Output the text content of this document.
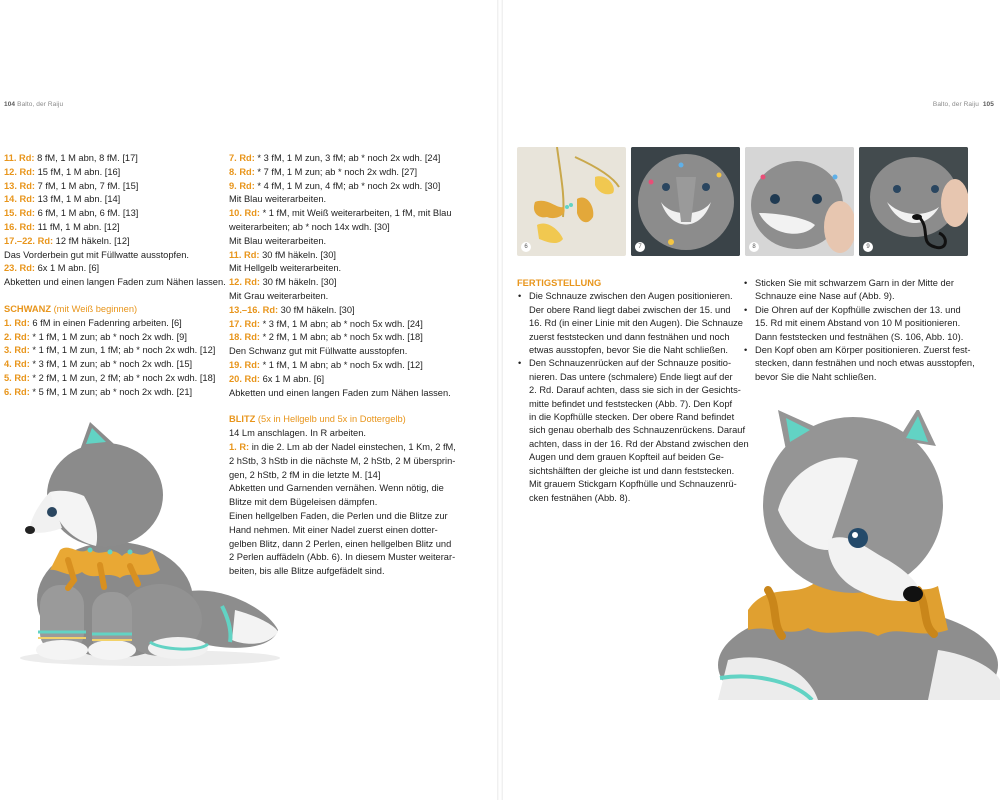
104 Balto, der Raiju
11. Rd: 8 fM, 1 M abn, 8 fM. [17]
12. Rd: 15 fM, 1 M abn. [16]
13. Rd: 7 fM, 1 M abn, 7 fM. [15]
14. Rd: 13 fM, 1 M abn. [14]
15. Rd: 6 fM, 1 M abn, 6 fM. [13]
16. Rd: 11 fM, 1 M abn. [12]
17.–22. Rd: 12 fM häkeln. [12]
Das Vorderbein gut mit Füllwatte ausstopfen.
23. Rd: 6x 1 M abn. [6]
Abketten und einen langen Faden zum Nähen lassen.
SCHWANZ (mit Weiß beginnen)
1. Rd: 6 fM in einen Fadenring arbeiten. [6]
2. Rd: * 1 fM, 1 M zun; ab * noch 2x wdh. [9]
3. Rd: * 1 fM, 1 M zun, 1 fM; ab * noch 2x wdh. [12]
4. Rd: * 3 fM, 1 M zun; ab * noch 2x wdh. [15]
5. Rd: * 2 fM, 1 M zun, 2 fM; ab * noch 2x wdh. [18]
6. Rd: * 5 fM, 1 M zun; ab * noch 2x wdh. [21]
7. Rd: * 3 fM, 1 M zun, 3 fM; ab * noch 2x wdh. [24]
8. Rd: * 7 fM, 1 M zun; ab * noch 2x wdh. [27]
9. Rd: * 4 fM, 1 M zun, 4 fM; ab * noch 2x wdh. [30]
Mit Blau weiterarbeiten.
10. Rd: * 1 fM, mit Weiß weiterarbeiten, 1 fM, mit Blau
weiterarbeiten; ab * noch 14x wdh. [30]
Mit Blau weiterarbeiten.
11. Rd: 30 fM häkeln. [30]
Mit Hellgelb weiterarbeiten.
12. Rd: 30 fM häkeln. [30]
Mit Grau weiterarbeiten.
13.–16. Rd: 30 fM häkeln. [30]
17. Rd: * 3 fM, 1 M abn; ab * noch 5x wdh. [24]
18. Rd: * 2 fM, 1 M abn; ab * noch 5x wdh. [18]
Den Schwanz gut mit Füllwatte ausstopfen.
19. Rd: * 1 fM, 1 M abn; ab * noch 5x wdh. [12]
20. Rd: 6x 1 M abn. [6]
Abketten und einen langen Faden zum Nähen lassen.
BLITZ (5x in Hellgelb und 5x in Dottergelb)
14 Lm anschlagen. In R arbeiten.
1. R: in die 2. Lm ab der Nadel einstechen, 1 Km, 2 fM,
2 hStb, 3 hStb in die nächste M, 2 hStb, 2 M übersprin-
gen, 2 hStb, 2 fM in die letzte M. [14]
Abketten und Garnenden vernähen. Wenn nötig, die
Blitze mit dem Bügeleisen dämpfen.
Einen hellgelben Faden, die Perlen und die Blitze zur
Hand nehmen. Mit einer Nadel zuerst einen dotter-
gelben Blitz, dann 2 Perlen, einen hellgelben Blitz und
2 Perlen auffädeln (Abb. 6). In diesem Muster weiterar-
beiten, bis alle Blitze aufgefädelt sind.
Balto, der Raiju 105
6	7	8	9
FERTIGSTELLUNG
• Die Schnauze zwischen den Augen positionieren.
Der obere Rand liegt dabei zwischen der 15. und
16. Rd (in einer Linie mit den Augen). Die Schnauze
zuerst feststecken und dann festnähen und noch
etwas ausstopfen, bevor Sie die Naht schließen.
• Den Schnauzenrücken auf der Schnauze positio-
nieren. Das untere (schmalere) Ende liegt auf der
2. Rd. Darauf achten, dass sie sich in der Gesichts-
mitte befindet und feststecken (Abb. 7). Den Kopf
in die Kopfhülle stecken. Der obere Rand befindet
sich genau oberhalb des Schnauzenrückens. Darauf
achten, dass in der 16. Rd der Abstand zwischen den
Augen und dem grauen Kopfteil auf beiden Ge-
sichtshälften der gleiche ist und dann feststecken.
Mit grauem Stickgarn Kopfhülle und Schnauzenrü-
cken festnähen (Abb. 8).
• Sticken Sie mit schwarzem Garn in der Mitte der
Schnauze eine Nase auf (Abb. 9).
• Die Ohren auf der Kopfhülle zwischen der 13. und
15. Rd mit einem Abstand von 10 M positionieren.
Dann feststecken und festnähen (S. 106, Abb. 10).
• Den Kopf oben am Körper positionieren. Zuerst fest-
stecken, dann festnähen und noch etwas ausstopfen,
bevor Sie die Naht schließen.
